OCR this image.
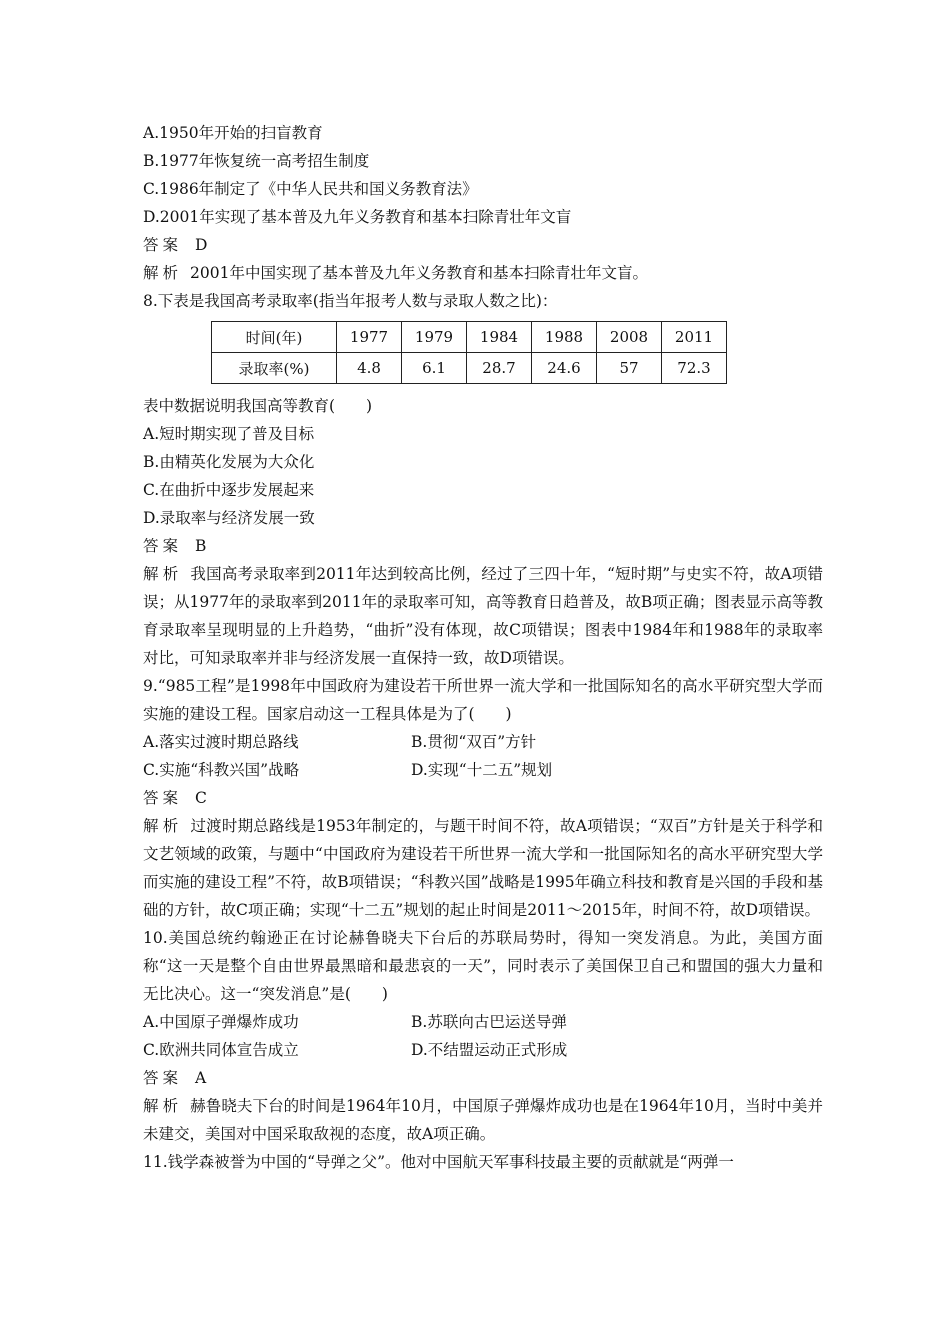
A.1950年开始的扫盲教育
B.1977年恢复统一高考招生制度
C.1986年制定了《中华人民共和国义务教育法》
D.2001年实现了基本普及九年义务教育和基本扫除青壮年文盲
答案 D
解析 2001年中国实现了基本普及九年义务教育和基本扫除青壮年文盲。
8.下表是我国高考录取率(指当年报考人数与录取人数之比)：
时间(年)	1977	1979	1984	1988	2008	2011
录取率(%)	4.8	6.1	28.7	24.6	57	72.3
表中数据说明我国高等教育(　　)
A.短时期实现了普及目标
B.由精英化发展为大众化
C.在曲折中逐步发展起来
D.录取率与经济发展一致
答案 B
解析 我国高考录取率到2011年达到较高比例，经过了三四十年，“短时期”与史实不符，故A项错误；从1977年的录取率到2011年的录取率可知，高等教育日趋普及，故B项正确；图表显示高等教育录取率呈现明显的上升趋势，“曲折”没有体现，故C项错误；图表中1984年和1988年的录取率对比，可知录取率并非与经济发展一直保持一致，故D项错误。
9.“985工程”是1998年中国政府为建设若干所世界一流大学和一批国际知名的高水平研究型大学而实施的建设工程。国家启动这一工程具体是为了(　　)
A.落实过渡时期总路线	B.贯彻“双百”方针
C.实施“科教兴国”战略	D.实现“十二五”规划
答案 C
解析 过渡时期总路线是1953年制定的，与题干时间不符，故A项错误；“双百”方针是关于科学和文艺领域的政策，与题中“中国政府为建设若干所世界一流大学和一批国际知名的高水平研究型大学而实施的建设工程”不符，故B项错误；“科教兴国”战略是1995年确立科技和教育是兴国的手段和基础的方针，故C项正确；实现“十二五”规划的起止时间是2011～2015年，时间不符，故D项错误。
10.美国总统约翰逊正在讨论赫鲁晓夫下台后的苏联局势时，得知一突发消息。为此，美国方面称“这一天是整个自由世界最黑暗和最悲哀的一天”，同时表示了美国保卫自己和盟国的强大力量和无比决心。这一“突发消息”是(　　)
A.中国原子弹爆炸成功	B.苏联向古巴运送导弹
C.欧洲共同体宣告成立	D.不结盟运动正式形成
答案 A
解析 赫鲁晓夫下台的时间是1964年10月，中国原子弹爆炸成功也是在1964年10月，当时中美并未建交，美国对中国采取敌视的态度，故A项正确。
11.钱学森被誉为中国的“导弹之父”。他对中国航天军事科技最主要的贡献就是“两弹一
